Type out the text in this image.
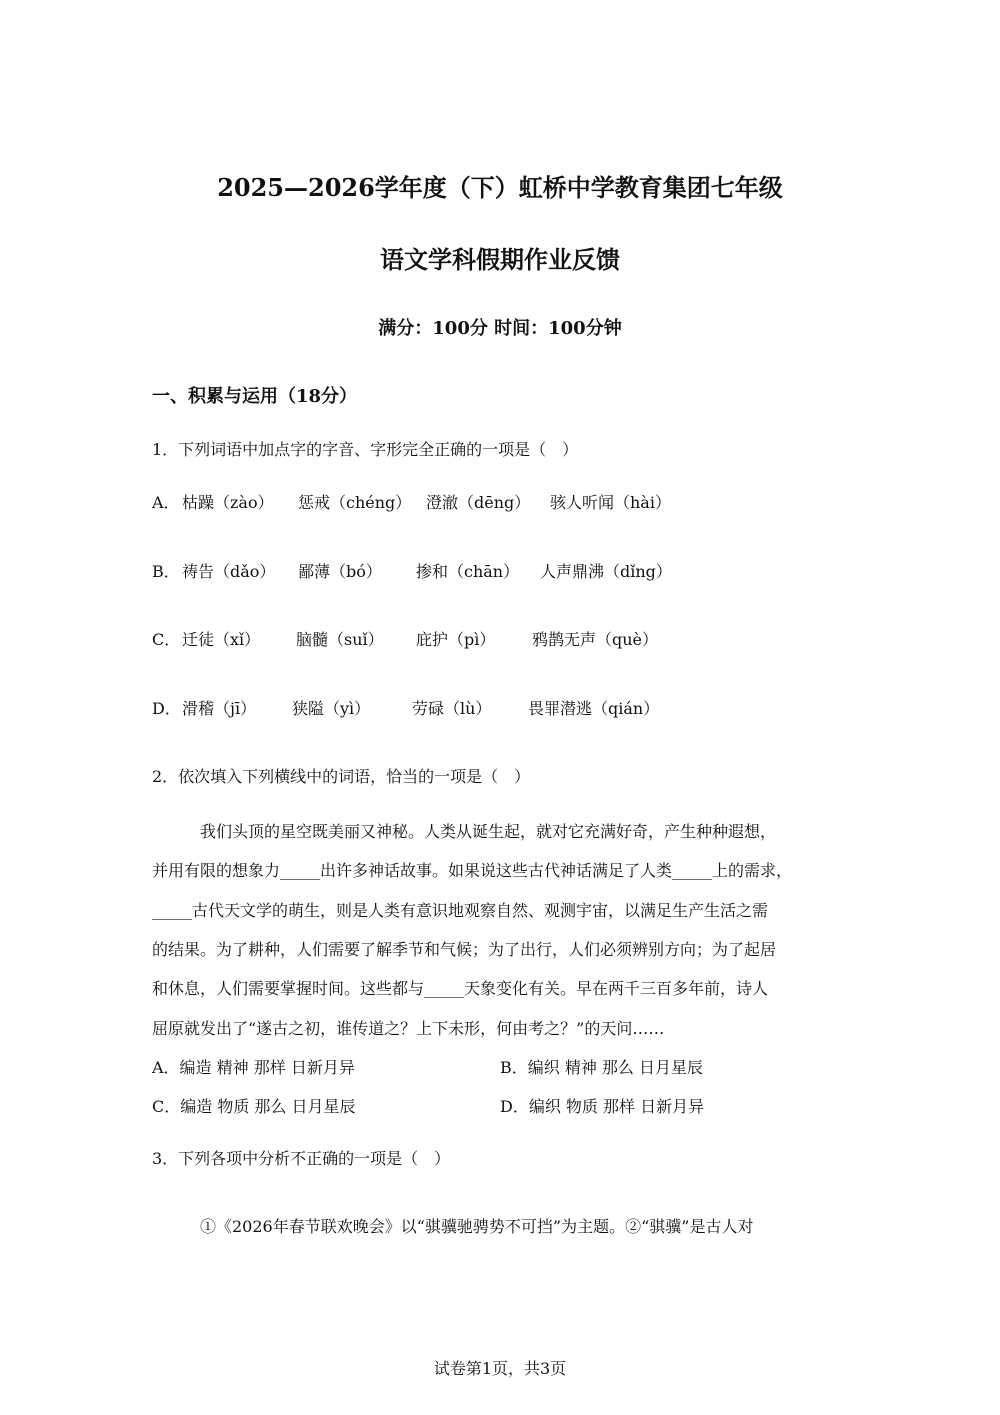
2025—2026学年度（下）虹桥中学教育集团七年级
语文学科假期作业反馈
满分：100分 时间：100分钟
一、积累与运用（18分）
1．下列词语中加点字的字音、字形完全正确的一项是（　）
A． 枯躁（zào） 惩戒（chéng） 澄澈（dēng） 骇人听闻（hài）
B． 祷告（dǎo） 鄙薄（bó） 掺和（chān） 人声鼎沸（dǐng）
C． 迁徒（xǐ） 脑髓（suǐ） 庇护（pì） 鸦鹊无声（què）
D． 滑稽（jī） 狭隘（yì）	劳碌（lù） 畏罪潜逃（qián）
2．依次填入下列横线中的词语，恰当的一项是（　）
我们头顶的星空既美丽又神秘。人类从诞生起，就对它充满好奇，产生种种遐想，
并用有限的想象力_____出许多神话故事。如果说这些古代神话满足了人类_____上的需求，
_____古代天文学的萌生，则是人类有意识地观察自然、观测宇宙，以满足生产生活之需
的结果。为了耕种，人们需要了解季节和气候；为了出行，人们必须辨别方向；为了起居
和休息，人们需要掌握时间。这些都与_____天象变化有关。早在两千三百多年前，诗人
屈原就发出了“遂古之初，谁传道之？上下未形，何由考之？”的天问……
A．编造 精神 那样 日新月异	B．编织 精神 那么 日月星辰
C．编造 物质 那么 日月星辰	D．编织 物质 那样 日新月异
3．下列各项中分析不正确的一项是（　）
①《2026年春节联欢晚会》以“骐骥驰骋势不可挡”为主题。②“骐骥”是古人对
试卷第1页，共3页
